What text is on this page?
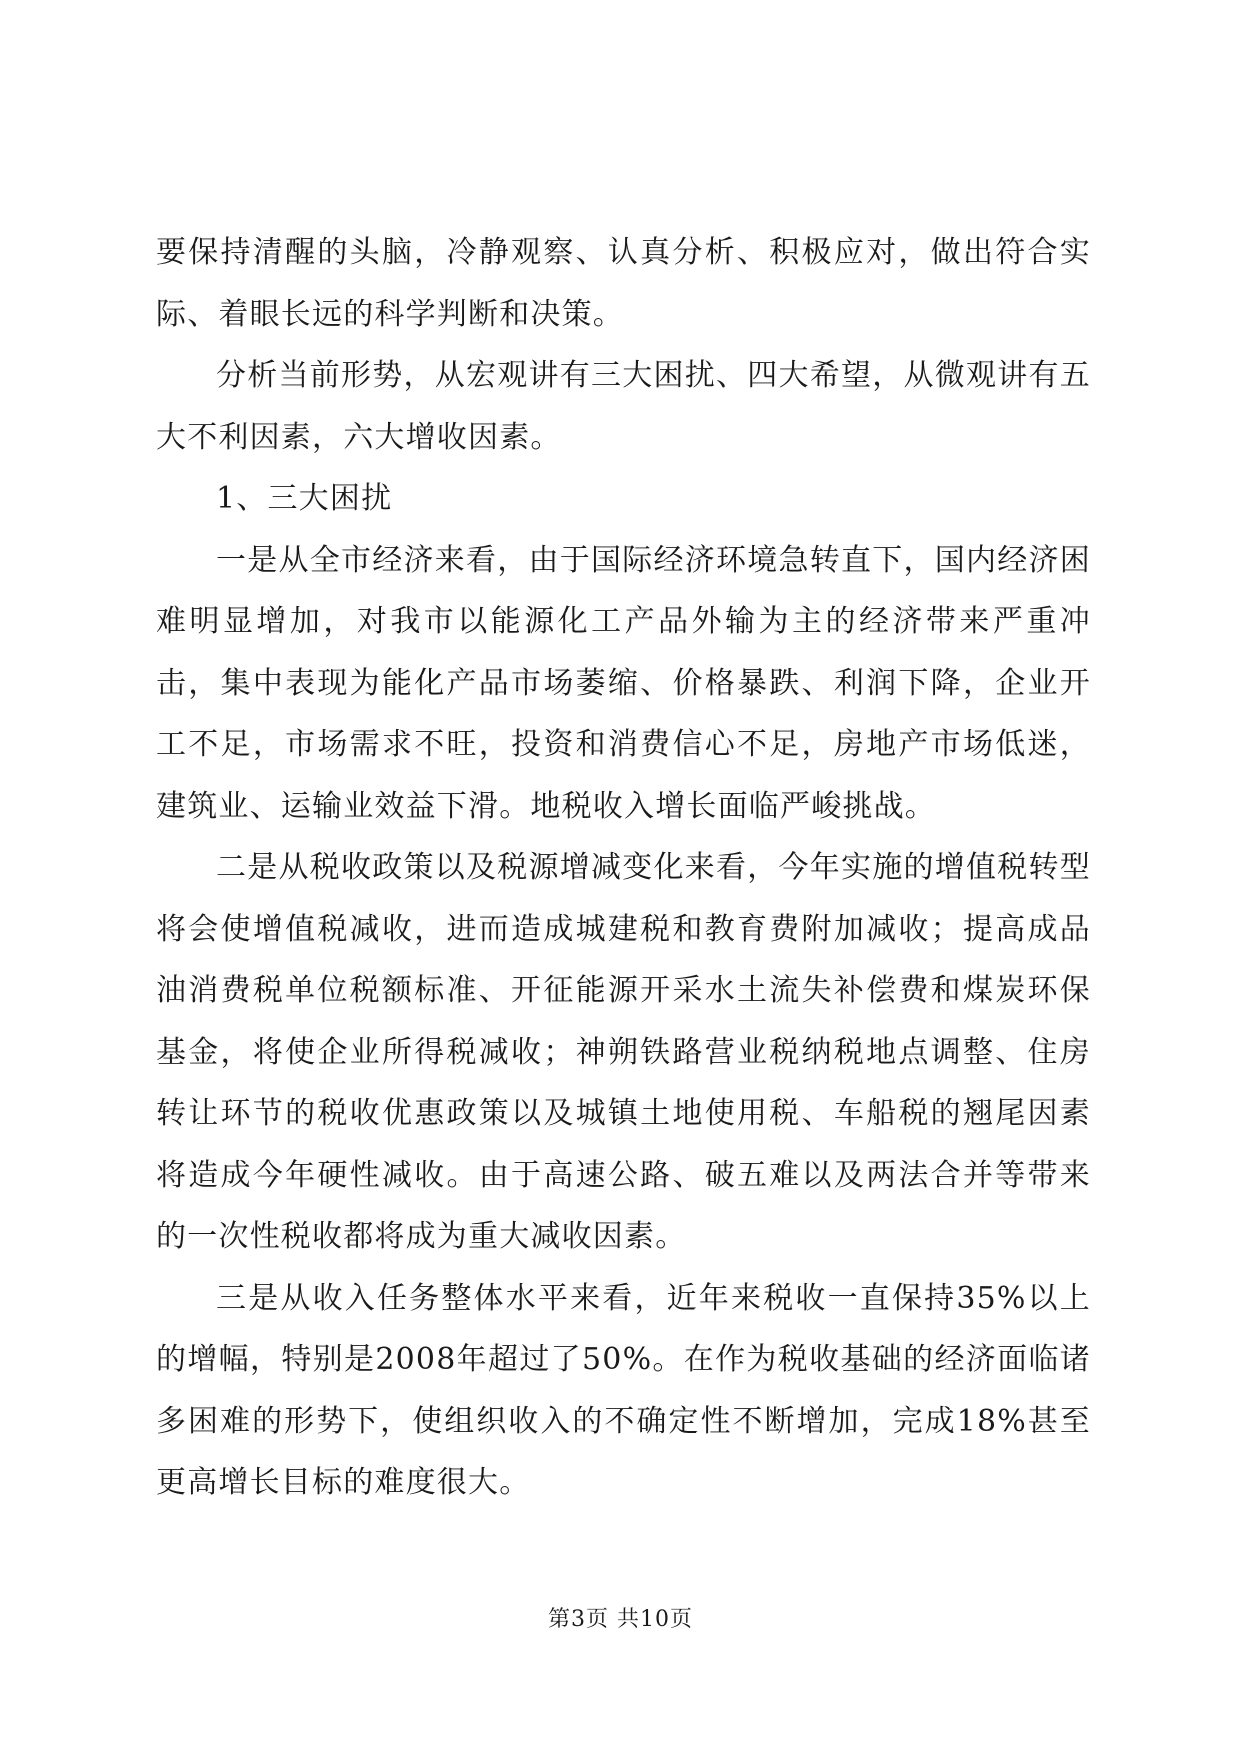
要保持清醒的头脑，冷静观察、认真分析、积极应对，做出符合实际、着眼长远的科学判断和决策。

分析当前形势，从宏观讲有三大困扰、四大希望，从微观讲有五大不利因素，六大增收因素。

1、三大困扰

一是从全市经济来看，由于国际经济环境急转直下，国内经济困难明显增加，对我市以能源化工产品外输为主的经济带来严重冲击，集中表现为能化产品市场萎缩、价格暴跌、利润下降，企业开工不足，市场需求不旺，投资和消费信心不足，房地产市场低迷，建筑业、运输业效益下滑。地税收入增长面临严峻挑战。

二是从税收政策以及税源增减变化来看，今年实施的增值税转型将会使增值税减收，进而造成城建税和教育费附加减收；提高成品油消费税单位税额标准、开征能源开采水土流失补偿费和煤炭环保基金，将使企业所得税减收；神朔铁路营业税纳税地点调整、住房转让环节的税收优惠政策以及城镇土地使用税、车船税的翘尾因素将造成今年硬性减收。由于高速公路、破五难以及两法合并等带来的一次性税收都将成为重大减收因素。

三是从收入任务整体水平来看，近年来税收一直保持35%以上的增幅，特别是2008年超过了50%。在作为税收基础的经济面临诸多困难的形势下，使组织收入的不确定性不断增加，完成18%甚至更高增长目标的难度很大。

第3页 共10页
